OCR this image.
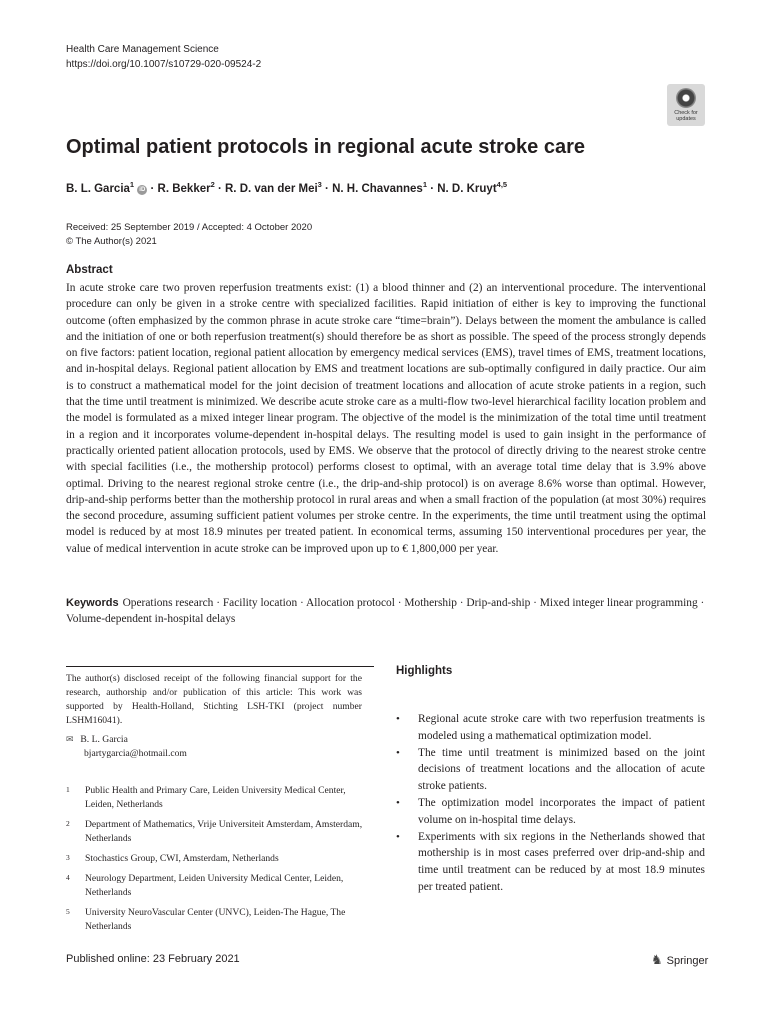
Health Care Management Science
https://doi.org/10.1007/s10729-020-09524-2
Check for
updates
Optimal patient protocols in regional acute stroke care
B. L. Garcia$^1$ iD · R. Bekker$^2$ · R. D. van der Mei$^3$ · N. H. Chavannes$^1$ · N. D. Kruyt$^{4,5}$
Received: 25 September 2019 / Accepted: 4 October 2020
© The Author(s) 2021
Abstract
In acute stroke care two proven reperfusion treatments exist: (1) a blood thinner and (2) an interventional procedure. The interventional procedure can only be given in a stroke centre with specialized facilities. Rapid initiation of either is key to improving the functional outcome (often emphasized by the common phrase in acute stroke care “time=brain”). Delays between the moment the ambulance is called and the initiation of one or both reperfusion treatment(s) should therefore be as short as possible. The speed of the process strongly depends on five factors: patient location, regional patient allocation by emergency medical services (EMS), travel times of EMS, treatment locations, and in-hospital delays. Regional patient allocation by EMS and treatment locations are sub-optimally configured in daily practice. Our aim is to construct a mathematical model for the joint decision of treatment locations and allocation of acute stroke patients in a region, such that the time until treatment is minimized. We describe acute stroke care as a multi-flow two-level hierarchical facility location problem and the model is formulated as a mixed integer linear program. The objective of the model is the minimization of the total time until treatment in a region and it incorporates volume-dependent in-hospital delays. The resulting model is used to gain insight in the performance of practically oriented patient allocation protocols, used by EMS. We observe that the protocol of directly driving to the nearest stroke centre with special facilities (i.e., the mothership protocol) performs closest to optimal, with an average total time delay that is 3.9% above optimal. Driving to the nearest regional stroke centre (i.e., the drip-and-ship protocol) is on average 8.6% worse than optimal. However, drip-and-ship performs better than the mothership protocol in rural areas and when a small fraction of the population (at most 30%) requires the second procedure, assuming sufficient patient volumes per stroke centre. In the experiments, the time until treatment using the optimal model is reduced by at most 18.9 minutes per treated patient. In economical terms, assuming 150 interventional procedures per year, the value of medical intervention in acute stroke can be improved upon up to € 1,800,000 per year.
Keywords Operations research · Facility location · Allocation protocol · Mothership · Drip-and-ship · Mixed integer linear programming · Volume-dependent in-hospital delays
The author(s) disclosed receipt of the following financial support for the research, authorship and/or publication of this article: This work was supported by Health-Holland, Stichting LSH-TKI (project number LSHM16041).
✉ B. L. Garcia
bjartygarcia@hotmail.com
1	Public Health and Primary Care, Leiden University Medical Center, Leiden, Netherlands
2	Department of Mathematics, Vrije Universiteit Amsterdam, Amsterdam, Netherlands
3	Stochastics Group, CWI, Amsterdam, Netherlands
4	Neurology Department, Leiden University Medical Center, Leiden, Netherlands
5	University NeuroVascular Center (UNVC), Leiden-The Hague, The Netherlands
Highlights
•	Regional acute stroke care with two reperfusion treatments is modeled using a mathematical optimization model.
•	The time until treatment is minimized based on the joint decisions of treatment locations and the allocation of acute stroke patients.
•	The optimization model incorporates the impact of patient volume on in-hospital time delays.
•	Experiments with six regions in the Netherlands showed that mothership is in most cases preferred over drip-and-ship and time until treatment can be reduced by at most 18.9 minutes per treated patient.
Published online: 23 February 2021	♞ Springer
